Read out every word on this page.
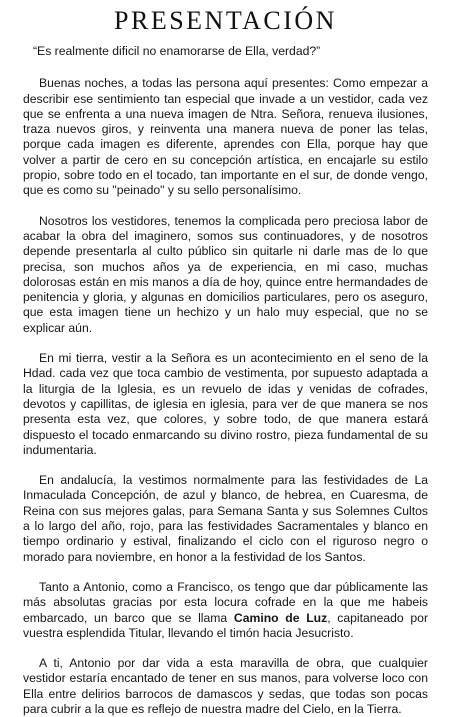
PRESENTACIÓN

“Es realmente dificil no enamorarse de Ella, verdad?”

Buenas noches, a todas las persona aquí presentes: Como empezar a describir ese sentimiento tan especial que invade a un vestidor, cada vez que se enfrenta a una nueva imagen de Ntra. Señora, renueva ilusiones, traza nuevos giros, y reinventa una manera nueva de poner las telas, porque cada imagen es diferente, aprendes con Ella, porque hay que volver a partir de cero en su concepción artística, en encajarle su estilo propio, sobre todo en el tocado, tan importante en el sur, de donde vengo, que es como su "peinado" y su sello personalísimo.

Nosotros los vestidores, tenemos la complicada pero preciosa labor de acabar la obra del imaginero, somos sus continuadores, y de nosotros depende presentarla al culto público sin quitarle ni darle mas de lo que precisa, son muchos años ya de experiencia, en mi caso, muchas dolorosas están en mis manos a día de hoy, quince entre hermandades de penitencia y gloria, y algunas en domicilios particulares, pero os aseguro, que esta imagen tiene un hechizo y un halo muy especial, que no se explicar aún.

En mi tierra, vestir a la Señora es un acontecimiento en el seno de la Hdad. cada vez que toca cambio de vestimenta, por supuesto adaptada a la liturgia de la Iglesia, es un revuelo de idas y venidas de cofrades, devotos y capillitas, de iglesia en iglesia, para ver de que manera se nos presenta esta vez, que colores, y sobre todo, de que manera estará dispuesto el tocado enmarcando su divino rostro, pieza fundamental de su indumentaria.

En andalucía, la vestimos normalmente para las festividades de La Inmaculada Concepción, de azul y blanco, de hebrea, en Cuaresma, de Reina con sus mejores galas, para Semana Santa y sus Solemnes Cultos a lo largo del año, rojo, para las festividades Sacramentales y blanco en tiempo ordinario y estival, finalizando el ciclo con el riguroso negro o morado para noviembre, en honor a la festividad de los Santos.

Tanto a Antonio, como a Francisco, os tengo que dar públicamente las más absolutas gracias por esta locura cofrade en la que me habeis embarcado, un barco que se llama Camino de Luz, capitaneado por vuestra esplendida Titular, llevando el timón hacia Jesucristo.

A ti, Antonio por dar vida a esta maravilla de obra, que cualquier vestidor estaría encantado de tener en sus manos, para volverse loco con Ella entre delirios barrocos de damascos y sedas, que todas son pocas para cubrir a la que es reflejo de nuestra madre del Cielo, en la Tierra.
